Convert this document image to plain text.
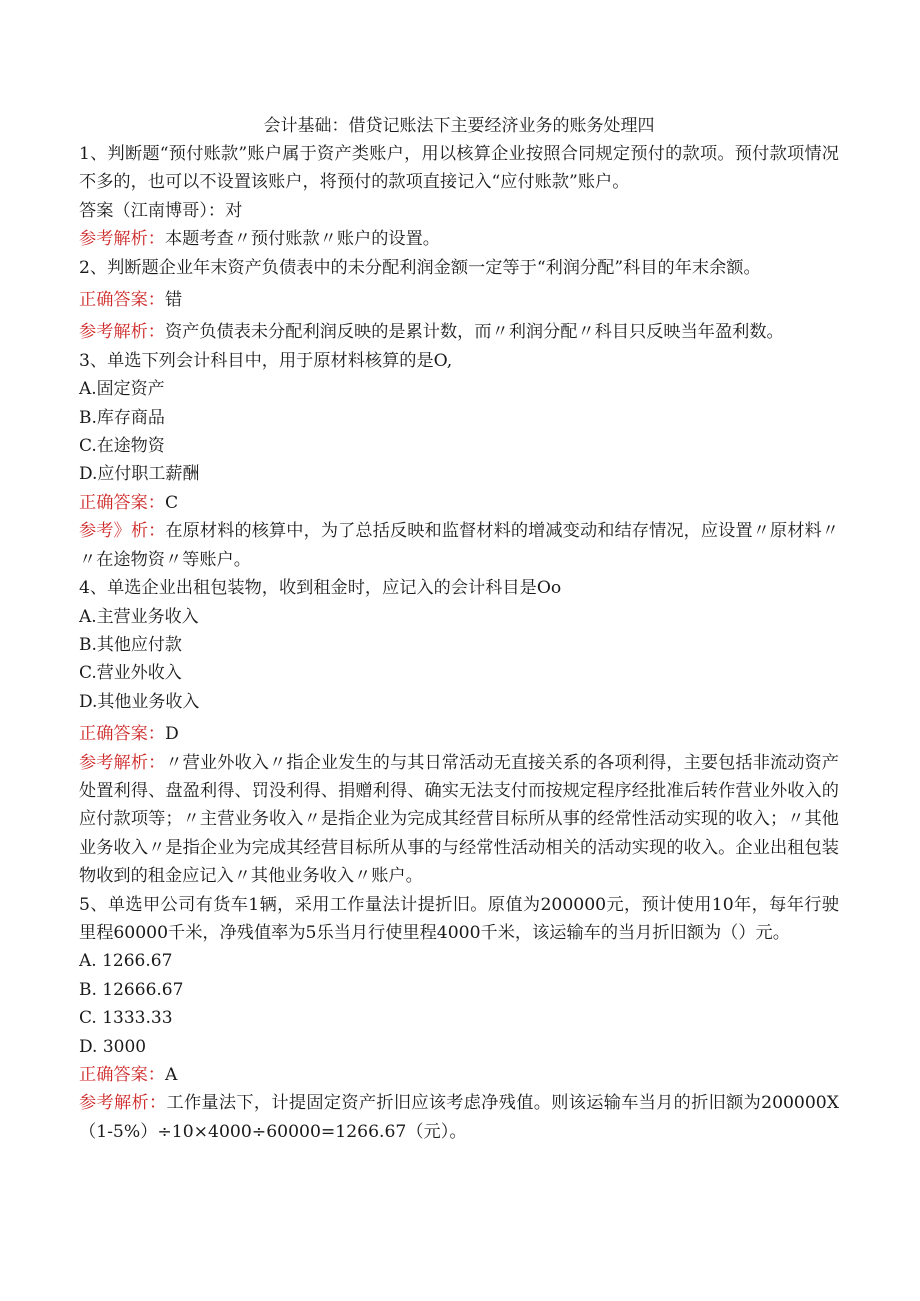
会计基础：借贷记账法下主要经济业务的账务处理四
1、判断题“预付账款”账户属于资产类账户，用以核算企业按照合同规定预付的款项。预付款项情况不多的，也可以不设置该账户，将预付的款项直接记入“应付账款”账户。
答案（江南博哥）：对
参考解析：本题考查〃预付账款〃账户的设置。
2、判断题企业年末资产负债表中的未分配利润金额一定等于“利润分配”科目的年末余额。
正确答案：错
参考解析：资产负债表未分配利润反映的是累计数，而〃利润分配〃科目只反映当年盈利数。
3、单选下列会计科目中，用于原材料核算的是O,
A.固定资产
B.库存商品
C.在途物资
D.应付职工薪酬
正确答案：C
参考》析：在原材料的核算中，为了总括反映和监督材料的增减变动和结存情况，应设置〃原材料〃〃在途物资〃等账户。
4、单选企业出租包装物，收到租金时，应记入的会计科目是Oo
A.主营业务收入
B.其他应付款
C.营业外收入
D.其他业务收入
正确答案：D
参考解析：〃营业外收入〃指企业发生的与其日常活动无直接关系的各项利得，主要包括非流动资产处置利得、盘盈利得、罚没利得、捐赠利得、确实无法支付而按规定程序经批准后转作营业外收入的应付款项等；〃主营业务收入〃是指企业为完成其经营目标所从事的经常性活动实现的收入；〃其他业务收入〃是指企业为完成其经营目标所从事的与经常性活动相关的活动实现的收入。企业出租包装物收到的租金应记入〃其他业务收入〃账户。
5、单选甲公司有货车1辆，采用工作量法计提折旧。原值为200000元，预计使用10年，每年行驶里程60000千米，净残值率为5乐当月行使里程4000千米，该运输车的当月折旧额为（）元。
A. 1266.67
B. 12666.67
C. 1333.33
D. 3000
正确答案：A
参考解析：工作量法下，计提固定资产折旧应该考虑净残值。则该运输车当月的折旧额为200000X（1-5%）÷10×4000÷60000=1266.67（元）。
